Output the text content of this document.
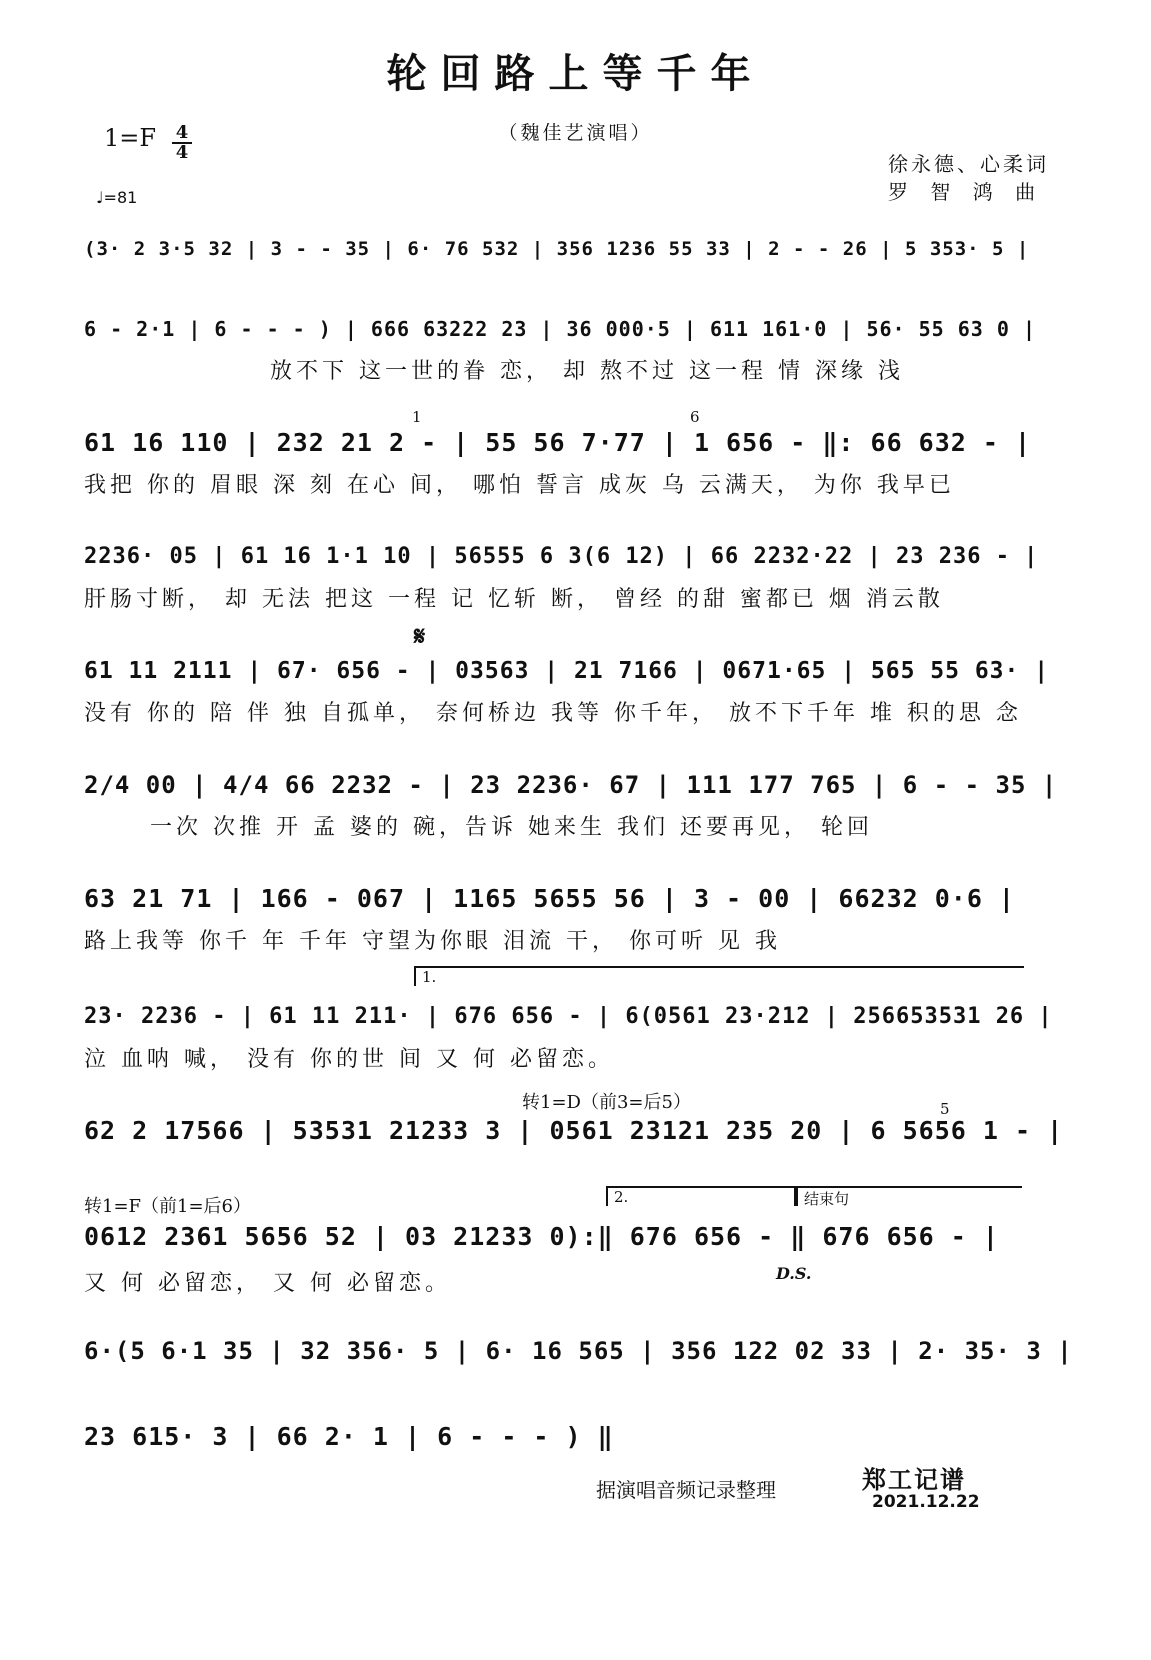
轮回路上等千年
（魏佳艺演唱）
$1=F \frac{4}{4}$
♩=81
徐永德、心柔词
罗 智 鸿 曲
(3· 2 3·5 32 | 3 - - 35 | 6· 76 532 | 356 1236 55 33 | 2 - - 26 | 5 353· 5 |
6 - 2·1 | 6 - - - ) | 666 63222 23 | 36 000·5 | 611 161·0 | 56· 55 63 0 |
放不下 这一世的眷 恋， 却 熬不过 这一程 情 深缘 浅
1	6
61 16 110 | 232 21 2 - | 55 56 7·77 | 1 656 - ‖: 66 632 - |
我把 你的 眉眼 深 刻 在心 间， 哪怕 誓言 成灰 乌 云满天， 为你 我早已
2236· 05 | 61 16 1·1 10 | 56555 6 3(6 12) | 66 2232·22 | 23 236 - |
肝肠寸断， 却 无法 把这 一程 记 忆斩 断， 曾经 的甜 蜜都已 烟 消云散
𝄋
61 11 2111 | 67· 656 - | 03563 | 21 7166 | 0671·65 | 565 55 63· |
没有 你的 陪 伴 独 自孤单， 奈何桥边 我等 你千年， 放不下千年 堆 积的思 念
2/4 00 | 4/4 66 2232 - | 23 2236· 67 | 111 177 765 | 6 - - 35 |
一次 次推 开 孟 婆的 碗，告诉 她来生 我们 还要再见， 轮回
63 21 71 | 166 - 067 | 1165 5655 56 | 3 - 00 | 66232 0·6 |
路上我等 你千 年 千年 守望为你眼 泪流 干， 你可听 见 我
1.
23· 2236 - | 61 11 211· | 676 656 - | 6(0561 23·212 | 256653531 26 |
泣 血呐 喊， 没有 你的世 间 又 何 必留恋。
转1=D（前3=后5）	5
62 2 17566 | 53531 21233 3 | 0561 23121 235 20 | 6 5656 1 - |
转1=F（前1=后6）	2.	结束句
0612 2361 5656 52 | 03 21233 0):‖ 676 656 - ‖ 676 656 - |
又 何 必留恋， 又 何 必留恋。	D.S.
6·(5 6·1 35 | 32 356· 5 | 6· 16 565 | 356 122 02 33 | 2· 35· 3 |
23 615· 3 | 66 2· 1 | 6 - - - ) ‖
据演唱音频记录整理	郑工记谱
2021.12.22
